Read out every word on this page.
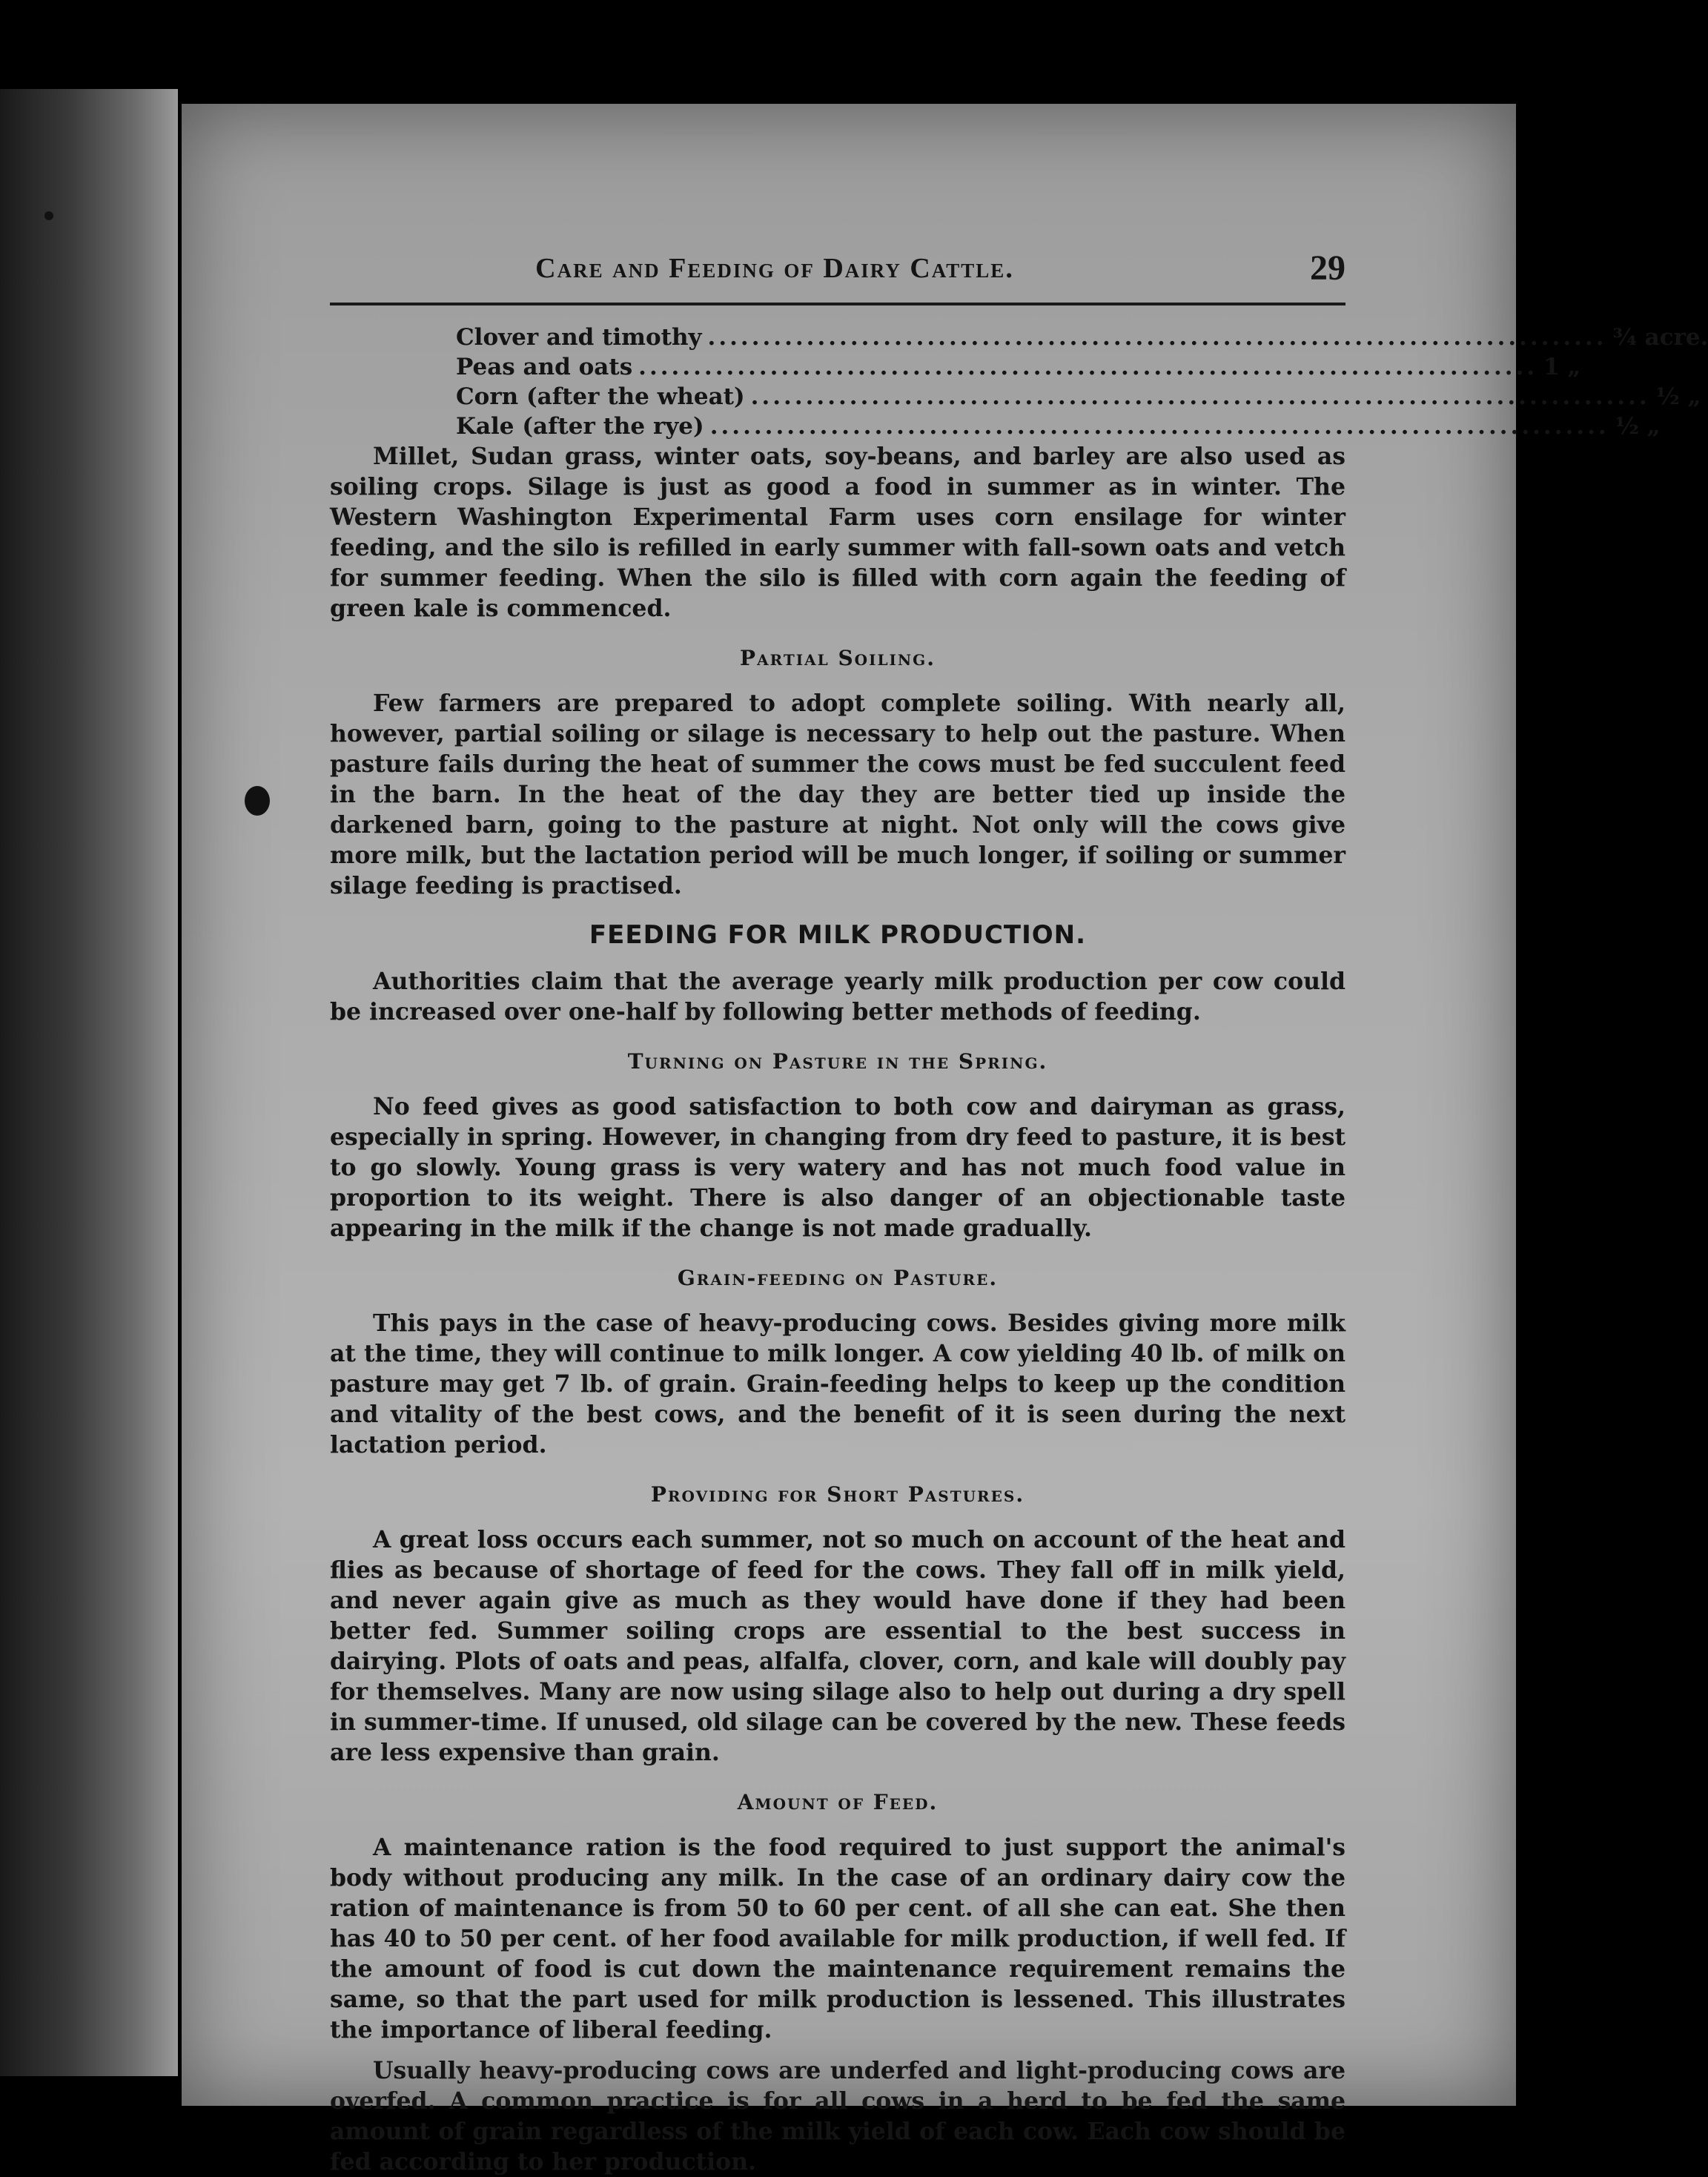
Care and Feeding of Dairy Cattle.	29
Clover and timothy .................................................................................. ¾ acre.
Peas and oats .................................................................................. 1 „
Corn (after the wheat) .................................................................................. ½ „
Kale (after the rye) .................................................................................. ½ „

Millet, Sudan grass, winter oats, soy-beans, and barley are also used as soiling crops. Silage is just as good a food in summer as in winter. The Western Washington Experimental Farm uses corn ensilage for winter feeding, and the silo is refilled in early summer with fall-sown oats and vetch for summer feeding. When the silo is filled with corn again the feeding of green kale is commenced.

Partial Soiling.

Few farmers are prepared to adopt complete soiling. With nearly all, however, partial soiling or silage is necessary to help out the pasture. When pasture fails during the heat of summer the cows must be fed succulent feed in the barn. In the heat of the day they are better tied up inside the darkened barn, going to the pasture at night. Not only will the cows give more milk, but the lactation period will be much longer, if soiling or summer silage feeding is practised.

FEEDING FOR MILK PRODUCTION.

Authorities claim that the average yearly milk production per cow could be increased over one-half by following better methods of feeding.

Turning on Pasture in the Spring.

No feed gives as good satisfaction to both cow and dairyman as grass, especially in spring. However, in changing from dry feed to pasture, it is best to go slowly. Young grass is very watery and has not much food value in proportion to its weight. There is also danger of an objectionable taste appearing in the milk if the change is not made gradually.

Grain-feeding on Pasture.

This pays in the case of heavy-producing cows. Besides giving more milk at the time, they will continue to milk longer. A cow yielding 40 lb. of milk on pasture may get 7 lb. of grain. Grain-feeding helps to keep up the condition and vitality of the best cows, and the benefit of it is seen during the next lactation period.

Providing for Short Pastures.

A great loss occurs each summer, not so much on account of the heat and flies as because of shortage of feed for the cows. They fall off in milk yield, and never again give as much as they would have done if they had been better fed. Summer soiling crops are essential to the best success in dairying. Plots of oats and peas, alfalfa, clover, corn, and kale will doubly pay for themselves. Many are now using silage also to help out during a dry spell in summer-time. If unused, old silage can be covered by the new. These feeds are less expensive than grain.

Amount of Feed.

A maintenance ration is the food required to just support the animal's body without producing any milk. In the case of an ordinary dairy cow the ration of maintenance is from 50 to 60 per cent. of all she can eat. She then has 40 to 50 per cent. of her food available for milk production, if well fed. If the amount of food is cut down the maintenance requirement remains the same, so that the part used for milk production is lessened. This illustrates the importance of liberal feeding.

Usually heavy-producing cows are underfed and light-producing cows are overfed. A common practice is for all cows in a herd to be fed the same amount of grain regardless of the milk yield of each cow. Each cow should be fed according to her production.
